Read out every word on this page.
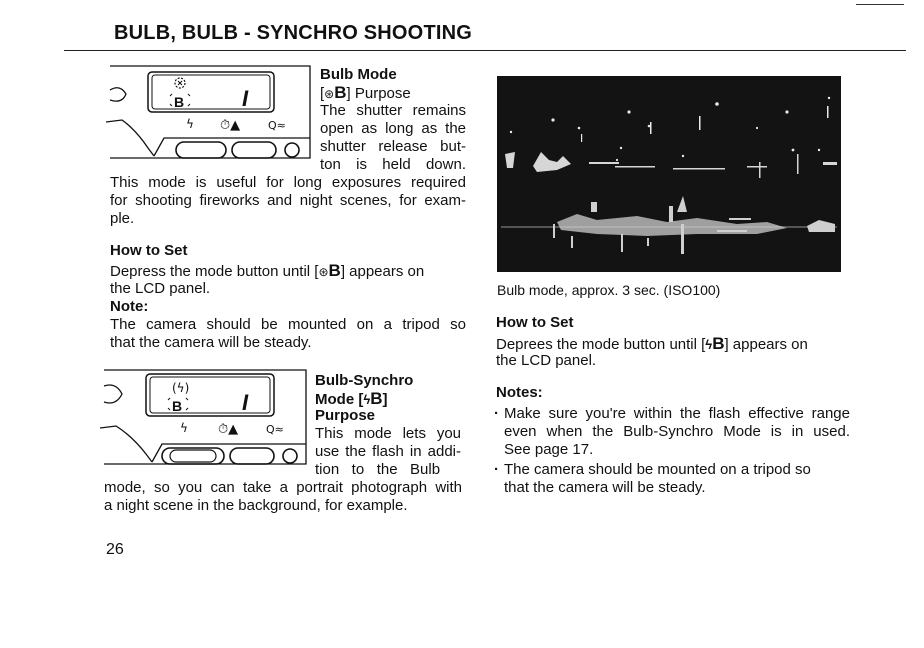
BULB, BULB - SYNCHRO SHOOTING
B	I
ϟ ⏱▲	Q≈
Bulb Mode
[⊛B] Purpose
The shutter remains
open as long as the
shutter release but-
ton is held down.
This mode is useful for long exposures required
for shooting fireworks and night scenes, for exam-
ple.
How to Set
Depress the mode button until [⊛B] appears on
the LCD panel.
Note:
The camera should be mounted on a tripod so
that the camera will be steady.
(ϟ)
B	I
ϟ ⏱▲	Q≈
Bulb-Synchro
Mode [ϟB]
Purpose
This mode lets you
use the flash in addi-
tion   to   the   Bulb
mode, so you can take a portrait photograph with
a night scene in the background, for example.
Bulb mode, approx. 3 sec. (ISO100)
How to Set
Deprees the mode button until [ϟB] appears on
the LCD panel.
Notes:
· Make sure you're within the flash effective range
even when the Bulb-Synchro Mode is in used.
See page 17.
· The camera should be mounted on a tripod so
that the camera will be steady.
26
